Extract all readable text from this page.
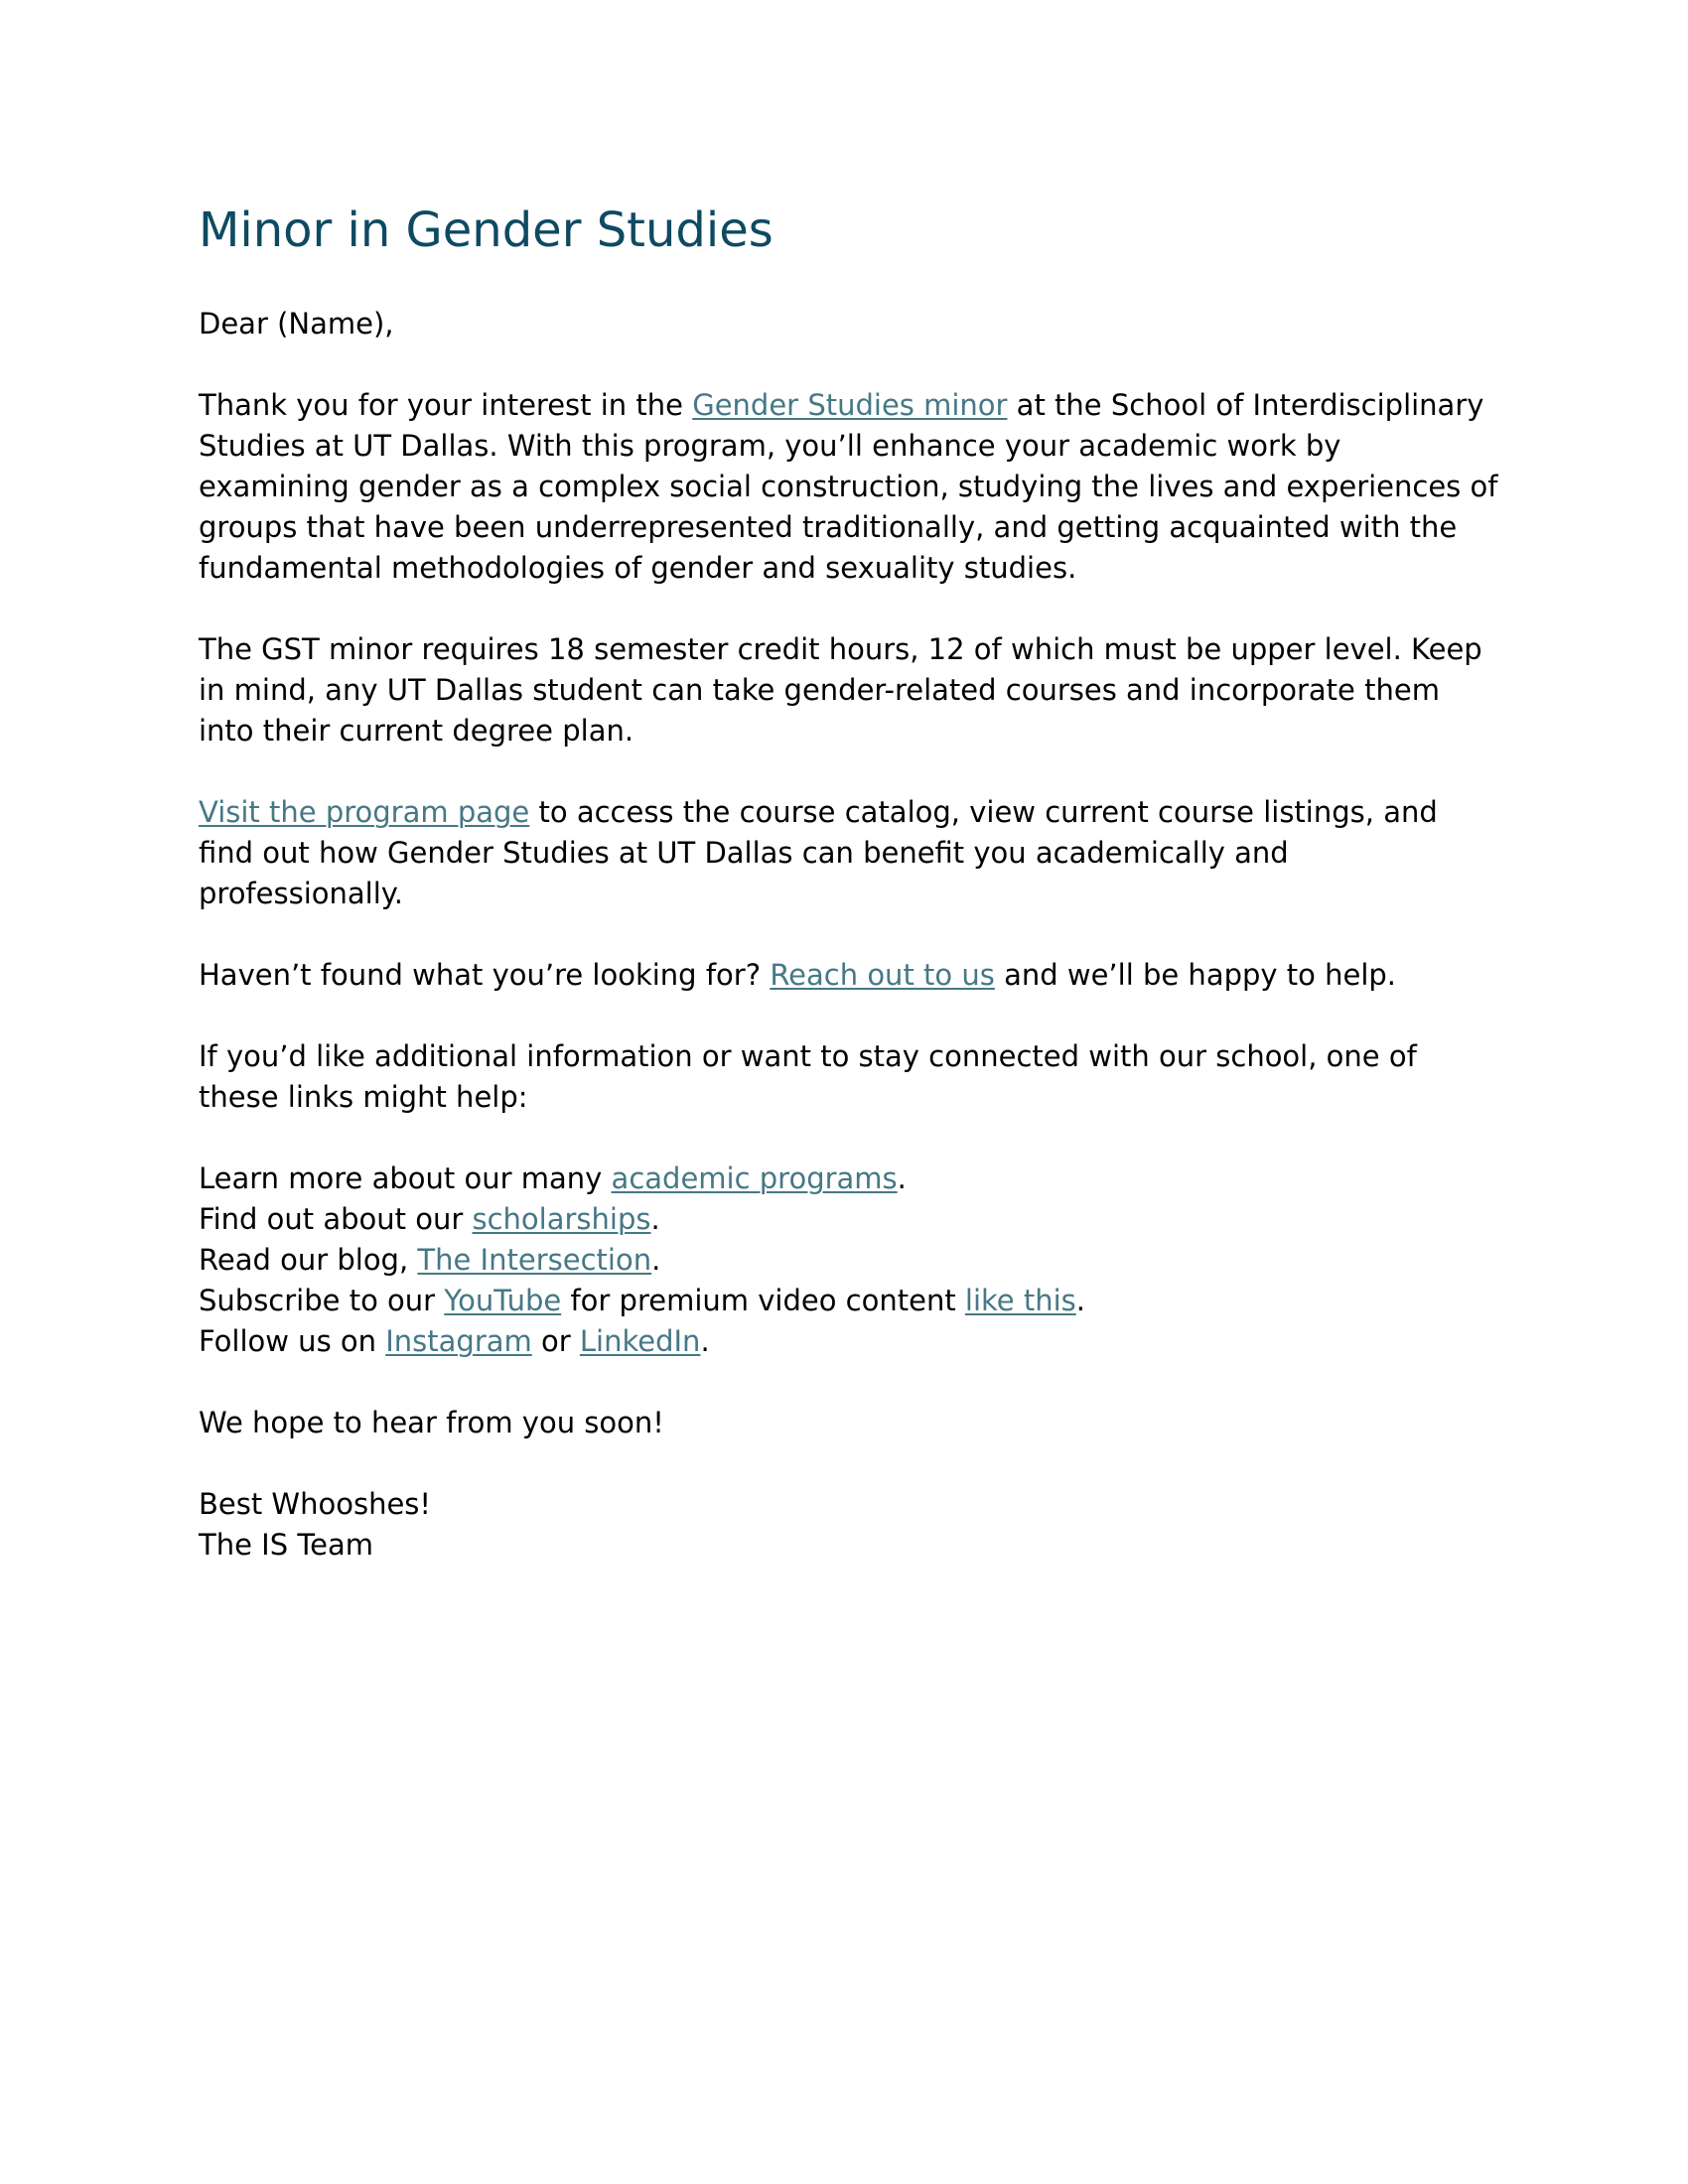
Minor in Gender Studies

Dear (Name),

Thank you for your interest in the Gender Studies minor at the School of Interdisciplinary Studies at UT Dallas. With this program, you’ll enhance your academic work by examining gender as a complex social construction, studying the lives and experiences of groups that have been underrepresented traditionally, and getting acquainted with the fundamental methodologies of gender and sexuality studies.

The GST minor requires 18 semester credit hours, 12 of which must be upper level. Keep in mind, any UT Dallas student can take gender-related courses and incorporate them into their current degree plan.

Visit the program page to access the course catalog, view current course listings, and find out how Gender Studies at UT Dallas can benefit you academically and professionally.

Haven’t found what you’re looking for? Reach out to us and we’ll be happy to help.

If you’d like additional information or want to stay connected with our school, one of these links might help:

Learn more about our many academic programs.

Find out about our scholarships.

Read our blog, The Intersection.

Subscribe to our YouTube for premium video content like this.

Follow us on Instagram or LinkedIn.

We hope to hear from you soon!

Best Whooshes!

The IS Team
